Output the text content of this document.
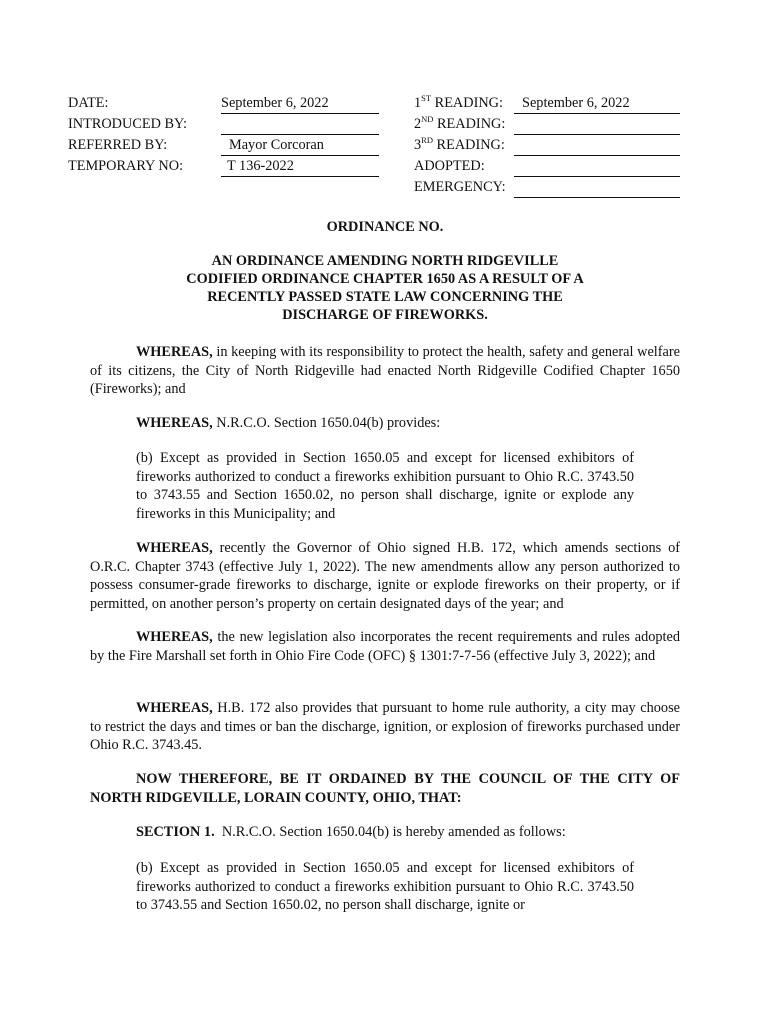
DATE:
INTRODUCED BY:
REFERRED BY:
TEMPORARY NO:
September 6, 2022
Mayor Corcoran
T 136-2022
1ST READING:
2ND READING:
3RD READING:
ADOPTED:
EMERGENCY:
September 6, 2022
ORDINANCE NO.
AN ORDINANCE AMENDING NORTH RIDGEVILLE
CODIFIED ORDINANCE CHAPTER 1650 AS A RESULT OF A
RECENTLY PASSED STATE LAW CONCERNING THE
DISCHARGE OF FIREWORKS.
WHEREAS, in keeping with its responsibility to protect the health, safety and general welfare of its citizens, the City of North Ridgeville had enacted North Ridgeville Codified Chapter 1650 (Fireworks); and
WHEREAS, N.R.C.O. Section 1650.04(b) provides:
(b) Except as provided in Section 1650.05 and except for licensed exhibitors of fireworks authorized to conduct a fireworks exhibition pursuant to Ohio R.C. 3743.50 to 3743.55 and Section 1650.02, no person shall discharge, ignite or explode any fireworks in this Municipality; and
WHEREAS, recently the Governor of Ohio signed H.B. 172, which amends sections of O.R.C. Chapter 3743 (effective July 1, 2022). The new amendments allow any person authorized to possess consumer-grade fireworks to discharge, ignite or explode fireworks on their property, or if permitted, on another person’s property on certain designated days of the year; and
WHEREAS, the new legislation also incorporates the recent requirements and rules adopted by the Fire Marshall set forth in Ohio Fire Code (OFC) § 1301:7-7-56 (effective July 3, 2022); and
WHEREAS, H.B. 172 also provides that pursuant to home rule authority, a city may choose to restrict the days and times or ban the discharge, ignition, or explosion of fireworks purchased under Ohio R.C. 3743.45.
NOW THEREFORE, BE IT ORDAINED BY THE COUNCIL OF THE CITY OF NORTH RIDGEVILLE, LORAIN COUNTY, OHIO, THAT:
SECTION 1. N.R.C.O. Section 1650.04(b) is hereby amended as follows:
(b) Except as provided in Section 1650.05 and except for licensed exhibitors of fireworks authorized to conduct a fireworks exhibition pursuant to Ohio R.C. 3743.50 to 3743.55 and Section 1650.02, no person shall discharge, ignite or
